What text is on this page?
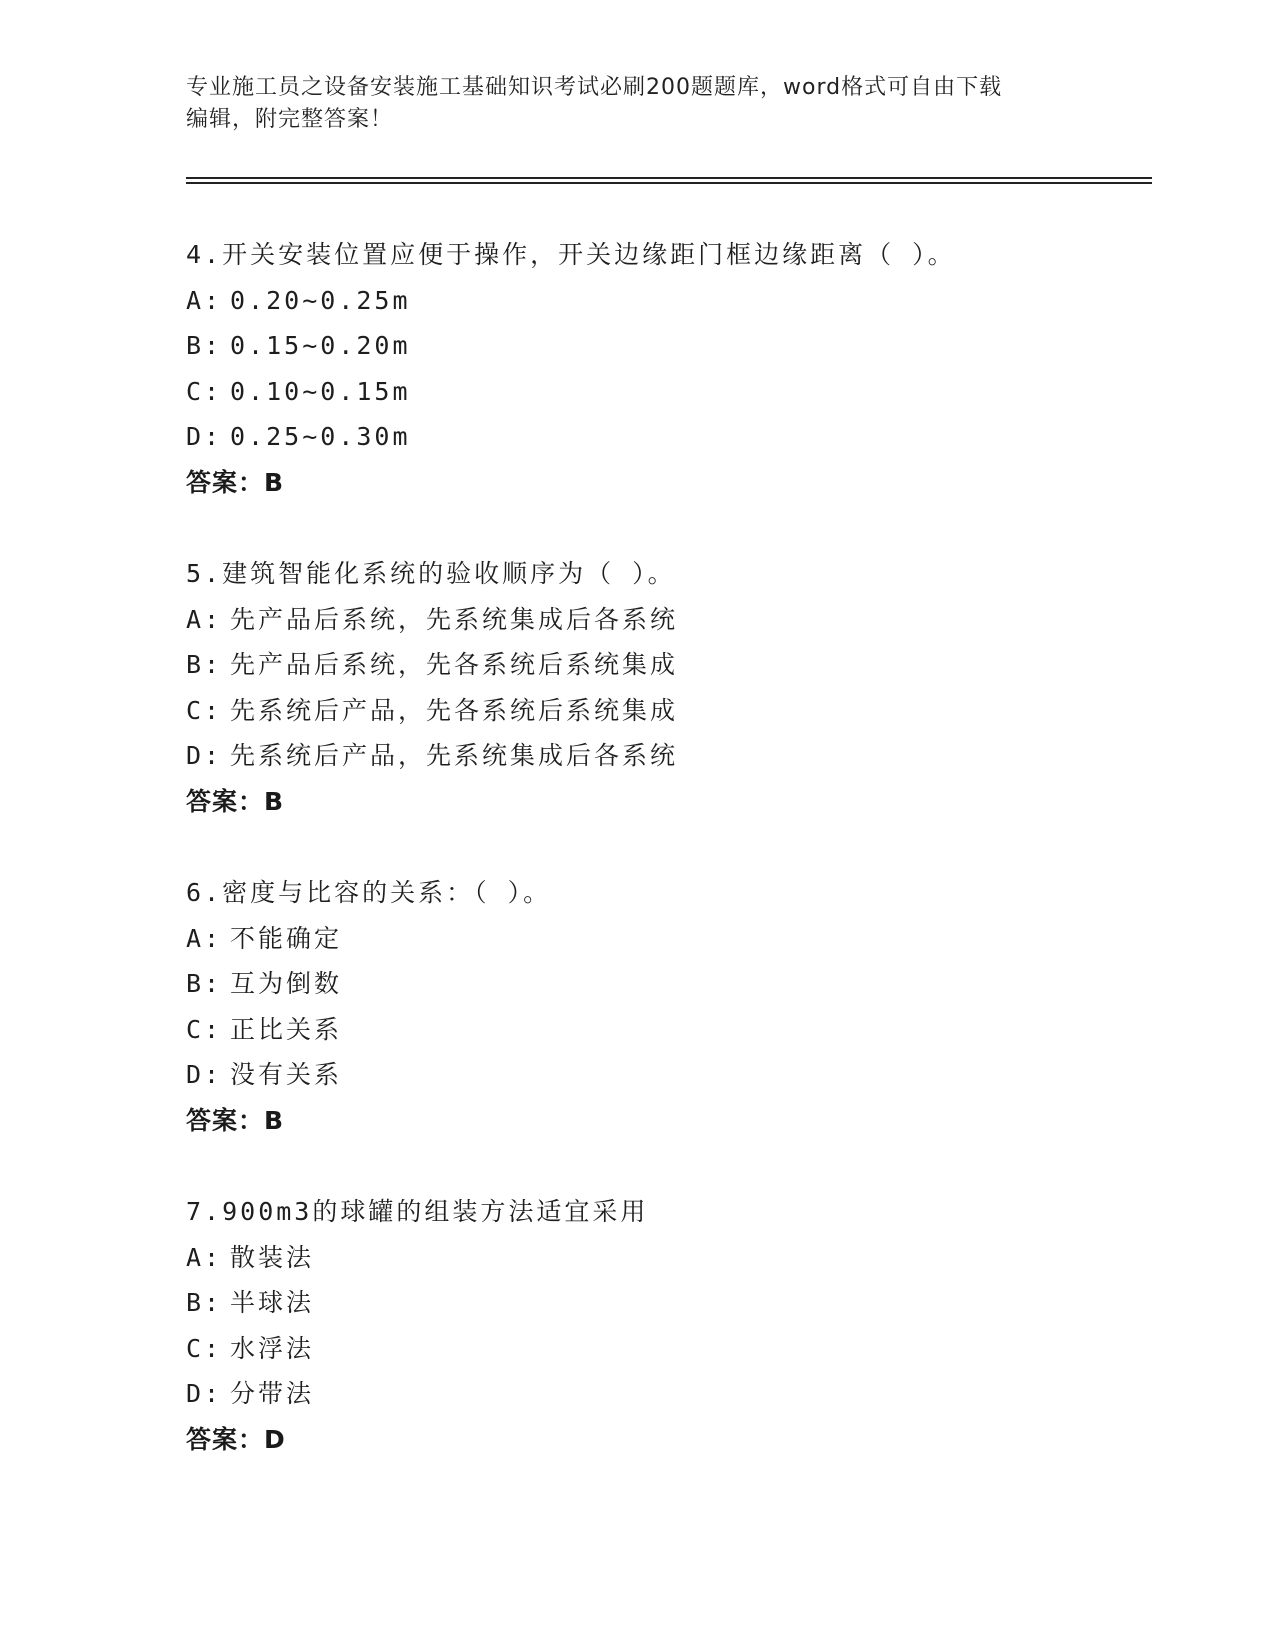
专业施工员之设备安装施工基础知识考试必刷200题题库，word格式可自由下载
编辑，附完整答案！
4.开关安装位置应便于操作，开关边缘距门框边缘距离（ ）。
A: 0.20~0.25m
B: 0.15~0.20m
C: 0.10~0.15m
D: 0.25~0.30m
答案：B
5.建筑智能化系统的验收顺序为（ ）。
A: 先产品后系统，先系统集成后各系统
B: 先产品后系统，先各系统后系统集成
C: 先系统后产品，先各系统后系统集成
D: 先系统后产品，先系统集成后各系统
答案：B
6.密度与比容的关系：（ ）。
A: 不能确定
B: 互为倒数
C: 正比关系
D: 没有关系
答案：B
7.900m3的球罐的组装方法适宜采用
A: 散装法
B: 半球法
C: 水浮法
D: 分带法
答案：D
